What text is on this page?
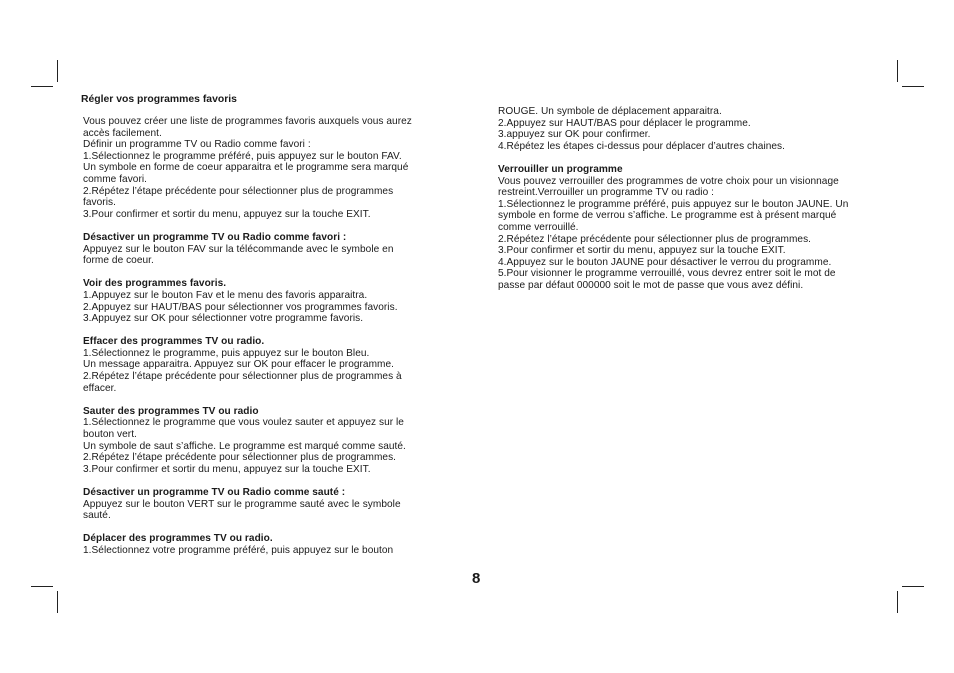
Régler vos programmes favoris
Vous pouvez créer une liste de programmes favoris auxquels vous aurez
accès facilement.
Définir un programme TV ou Radio comme favori :
1.Sélectionnez le programme préféré, puis appuyez sur le bouton FAV.
Un symbole en forme de coeur apparaitra et le programme sera marqué
comme favori.
2.Répétez l’étape précédente pour sélectionner plus de programmes
favoris.
3.Pour confirmer et sortir du menu, appuyez sur la touche EXIT.
Désactiver un programme TV ou Radio comme favori :
Appuyez sur le bouton FAV sur la télécommande avec le symbole en
forme de coeur.
Voir des programmes favoris.
1.Appuyez sur le bouton Fav et le menu des favoris apparaitra.
2.Appuyez sur HAUT/BAS pour sélectionner vos programmes favoris.
3.Appuyez sur OK pour sélectionner votre programme favoris.
Effacer des programmes TV ou radio.
1.Sélectionnez le programme, puis appuyez sur le bouton Bleu.
Un message apparaitra. Appuyez sur OK pour effacer le programme.
2.Répétez l’étape précédente pour sélectionner plus de programmes à
effacer.
Sauter des programmes TV ou radio
1.Sélectionnez le programme que vous voulez sauter et appuyez sur le
bouton vert.
Un symbole de saut s’affiche. Le programme est marqué comme sauté.
2.Répétez l’étape précédente pour sélectionner plus de programmes.
3.Pour confirmer et sortir du menu, appuyez sur la touche EXIT.
Désactiver un programme TV ou Radio comme sauté :
Appuyez sur le bouton VERT sur le programme sauté avec le symbole
sauté.
Déplacer des programmes TV ou radio.
1.Sélectionnez votre programme préféré, puis appuyez sur le bouton
ROUGE. Un symbole de déplacement apparaitra.
2.Appuyez sur HAUT/BAS pour déplacer le programme.
3.appuyez sur OK pour confirmer.
4.Répétez les étapes ci-dessus pour déplacer d’autres chaines.
Verrouiller un programme
Vous pouvez verrouiller des programmes de votre choix pour un visionnage
restreint.Verrouiller un programme TV ou radio :
1.Sélectionnez le programme préféré, puis appuyez sur le bouton JAUNE. Un
symbole en forme de verrou s’affiche. Le programme est à présent marqué
comme verrouillé.
2.Répétez l’étape précédente pour sélectionner plus de programmes.
3.Pour confirmer et sortir du menu, appuyez sur la touche EXIT.
4.Appuyez sur le bouton JAUNE pour désactiver le verrou du programme.
5.Pour visionner le programme verrouillé, vous devrez entrer soit le mot de
passe par défaut 000000 soit le mot de passe que vous avez défini.
8
